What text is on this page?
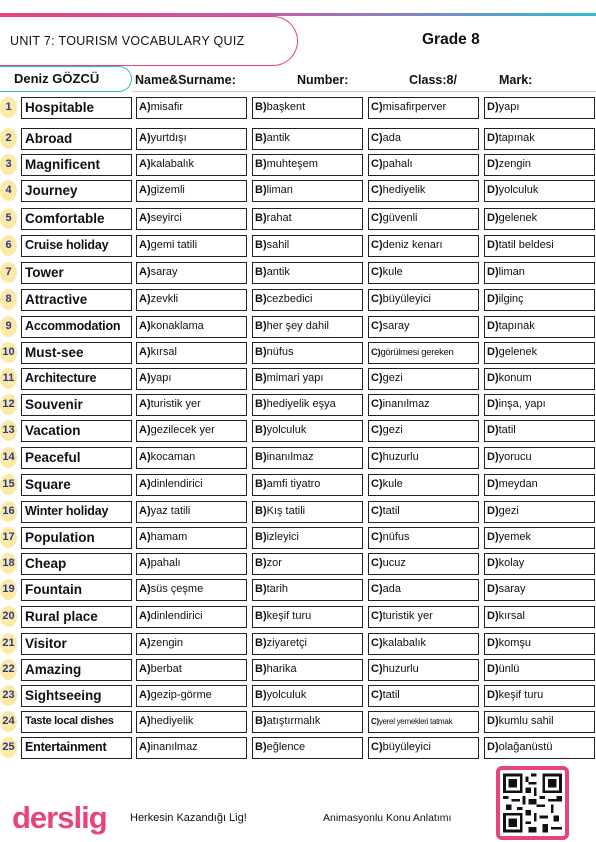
UNIT 7: TOURISM VOCABULARY QUIZ	Grade 8
Deniz GÖZCÜ	Name&Surname:	Number:	Class:8/	Mark:
1 Hospitable	A)misafir	B)başkent	C)misafirperver	D)yapı
2 Abroad	A)yurtdışı	B)antik	C)ada	D)tapınak
3 Magnificent	A)kalabalık	B)muhteşem	C)pahalı	D)zengin
4 Journey	A)gizemli	B)liman	C)hediyelik	D)yolculuk
5 Comfortable	A)seyirci	B)rahat	C)güvenli	D)gelenek
6	Cruise holiday	A)gemi tatili	B)sahil	C)deniz kenarı	D)tatil beldesi
7 Tower	A)saray	B)antik	C)kule	D)liman
8 Attractive	A)zevkli	B)cezbedici	C)büyüleyici	D)ilginç
9	Accommodation	A)konaklama	B)her şey dahil	C)saray	D)tapınak
10 Must-see	A)kırsal	B)nüfus	C)görülmesi gereken	D)gelenek
11 Architecture	A)yapı	B)mimari yapı	C)gezi	D)konum
12 Souvenir	A)turistik yer	B)hediyelik eşya	C)inanılmaz	D)inşa, yapı
13 Vacation	A)gezilecek yer	B)yolculuk	C)gezi	D)tatil
14 Peaceful	A)kocaman	B)inanılmaz	C)huzurlu	D)yorucu
15 Square	A)dinlendirici	B)amfi tiyatro	C)kule	D)meydan
16 Winter holiday	A)yaz tatili	B)Kış tatili	C)tatil	D)gezi
17 Population	A)hamam	B)izleyici	C)nüfus	D)yemek
18 Cheap	A)pahalı	B)zor	C)ucuz	D)kolay
19 Fountain	A)süs çeşme	B)tarih	C)ada	D)saray
20 Rural place	A)dinlendirici	B)keşif turu	C)turistik yer	D)kırsal
21 Visitor	A)zengin	B)ziyaretçi	C)kalabalık	D)komşu
22 Amazing	A)berbat	B)harika	C)huzurlu	D)ünlü
23 Sightseeing	A)gezip-görme	B)yolculuk	C)tatil	D)keşif turu
24 Taste local dishes	A)hediyelik	B)atıştırmalık	C)yerel yemekleri tatmak	D)kumlu sahil
25 Entertainment	A)inanılmaz	B)eğlence	C)büyüleyici	D)olağanüstü
derslig Herkesin Kazandığı Lig!	Animasyonlu Konu Anlatımı
